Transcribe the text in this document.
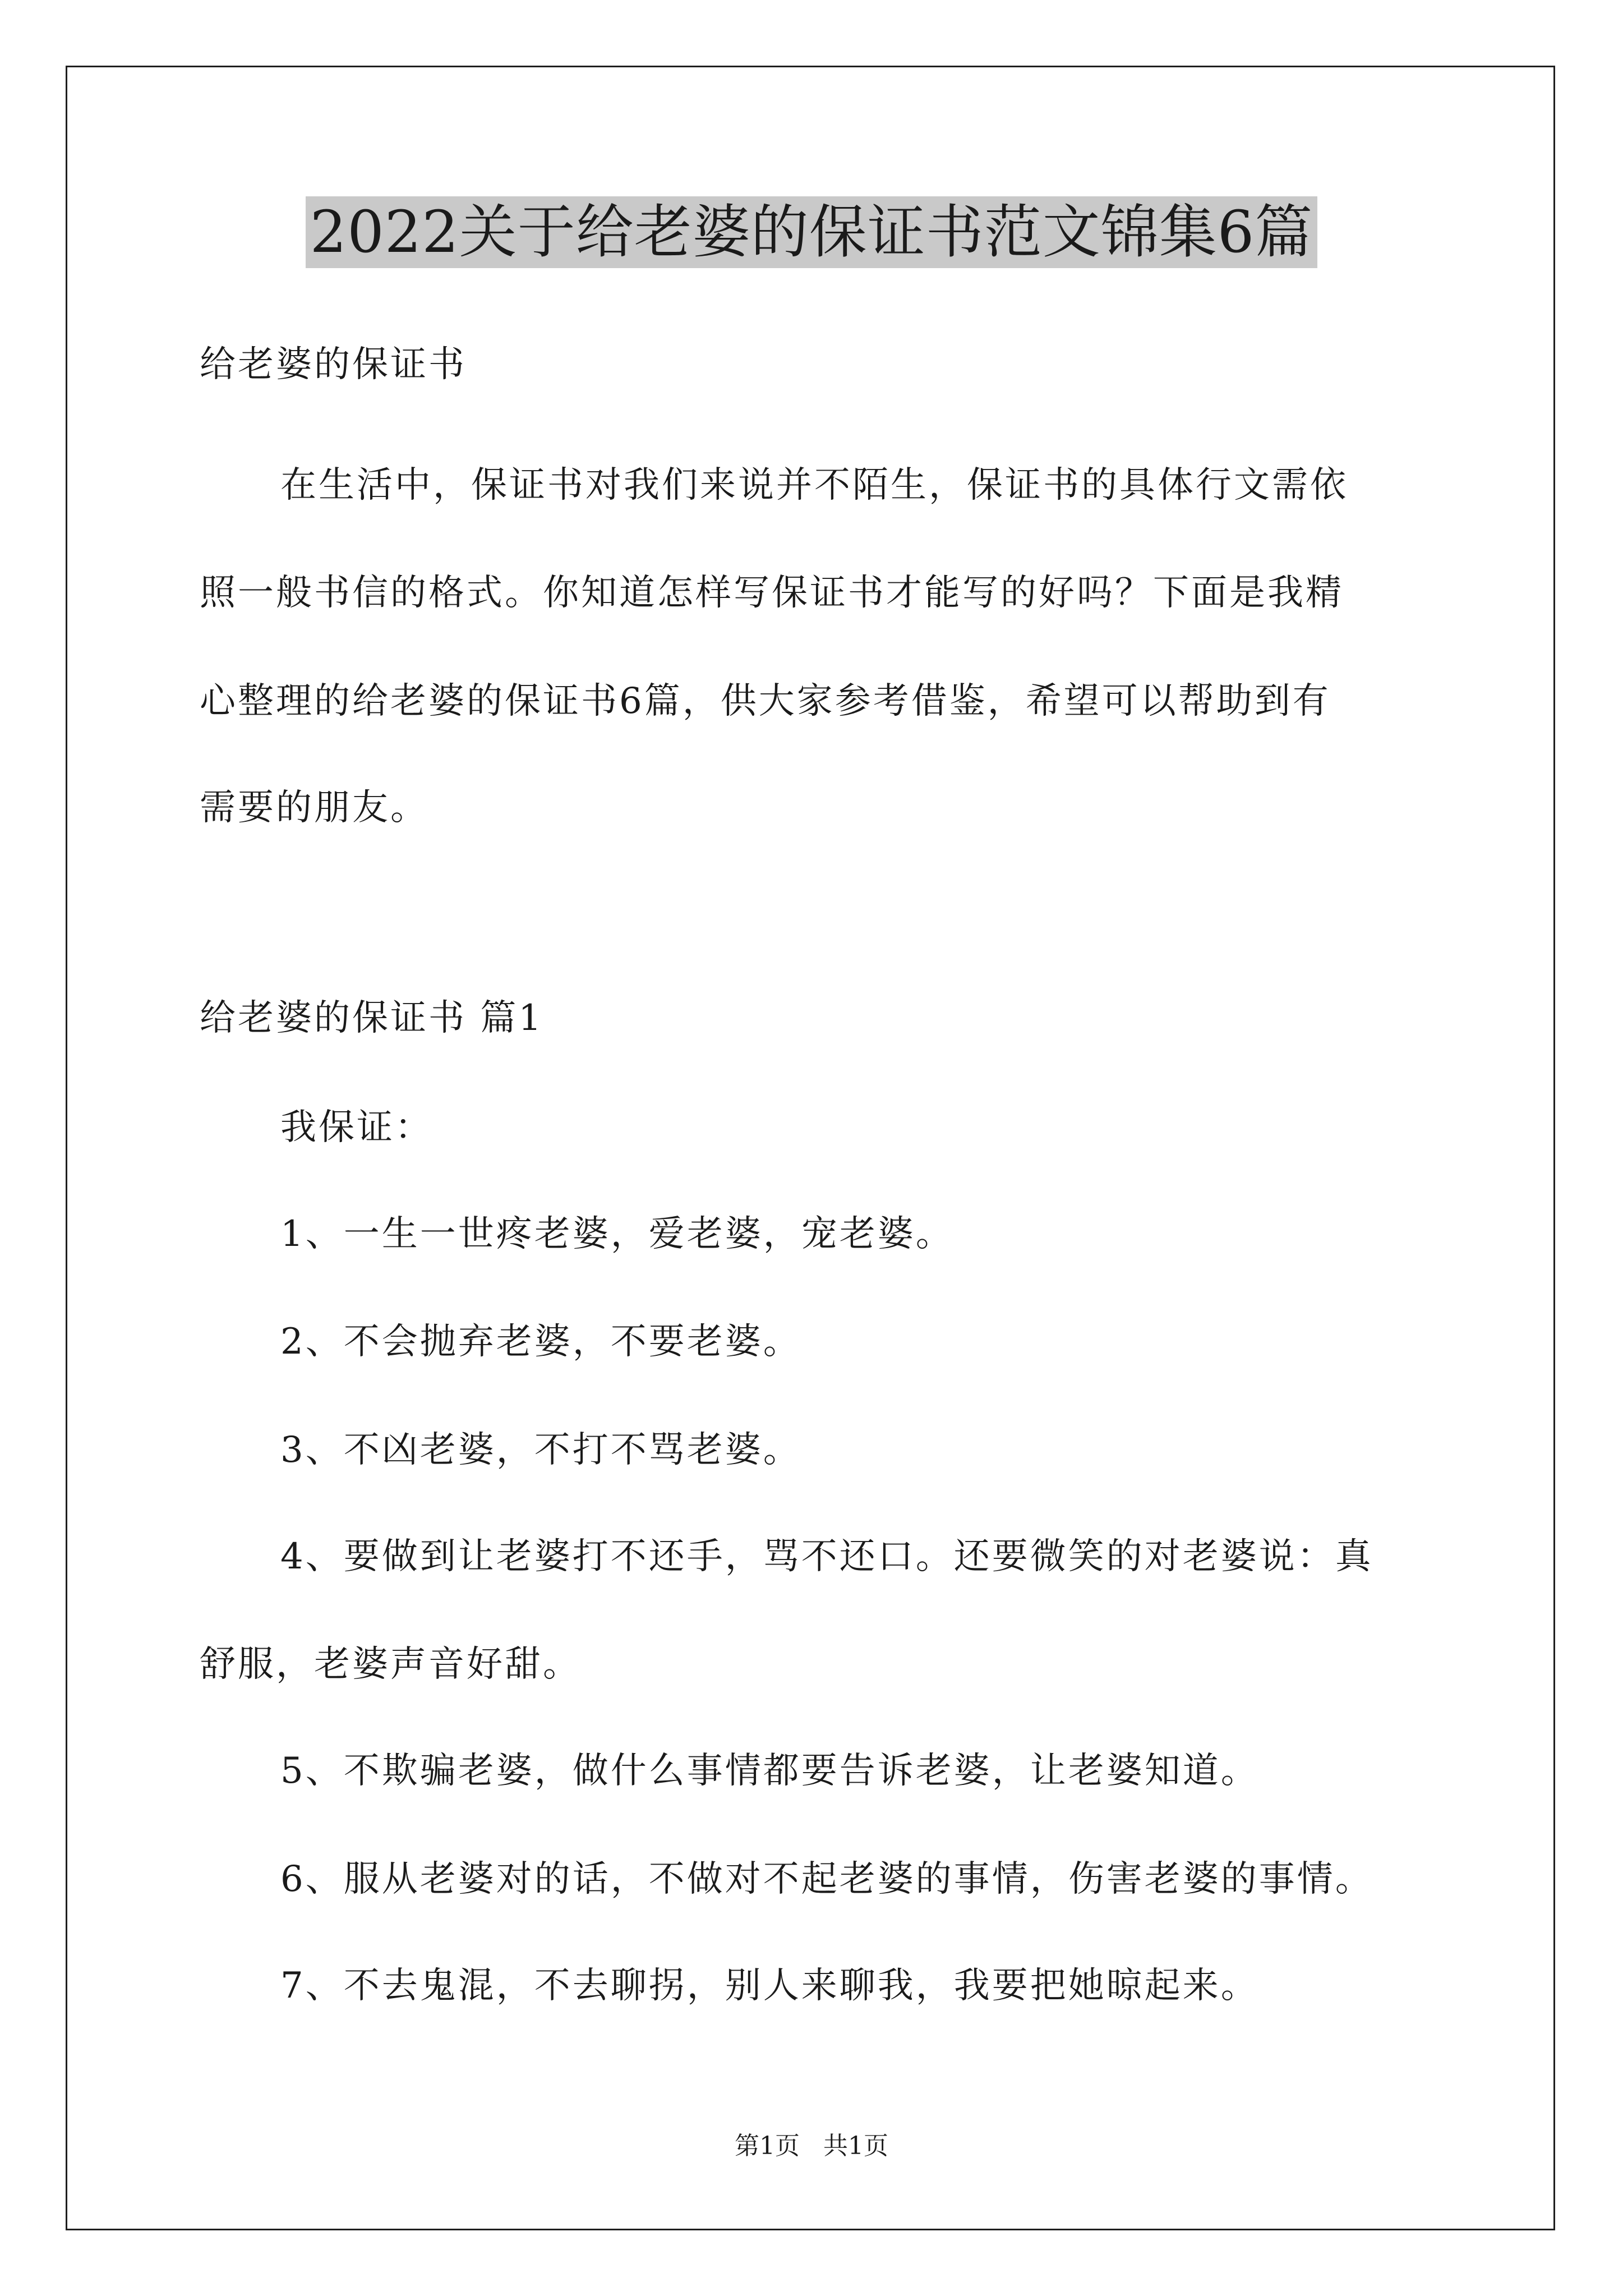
2022关于给老婆的保证书范文锦集6篇

给老婆的保证书

在生活中，保证书对我们来说并不陌生，保证书的具体行文需依

照一般书信的格式。你知道怎样写保证书才能写的好吗？下面是我精

心整理的给老婆的保证书6篇，供大家参考借鉴，希望可以帮助到有

需要的朋友。

给老婆的保证书 篇1

我保证：

1、一生一世疼老婆，爱老婆，宠老婆。

2、不会抛弃老婆，不要老婆。

3、不凶老婆，不打不骂老婆。

4、要做到让老婆打不还手，骂不还口。还要微笑的对老婆说：真

舒服，老婆声音好甜。

5、不欺骗老婆，做什么事情都要告诉老婆，让老婆知道。

6、服从老婆对的话，不做对不起老婆的事情，伤害老婆的事情。

7、不去鬼混，不去聊拐，别人来聊我，我要把她晾起来。

第1页   共1页
